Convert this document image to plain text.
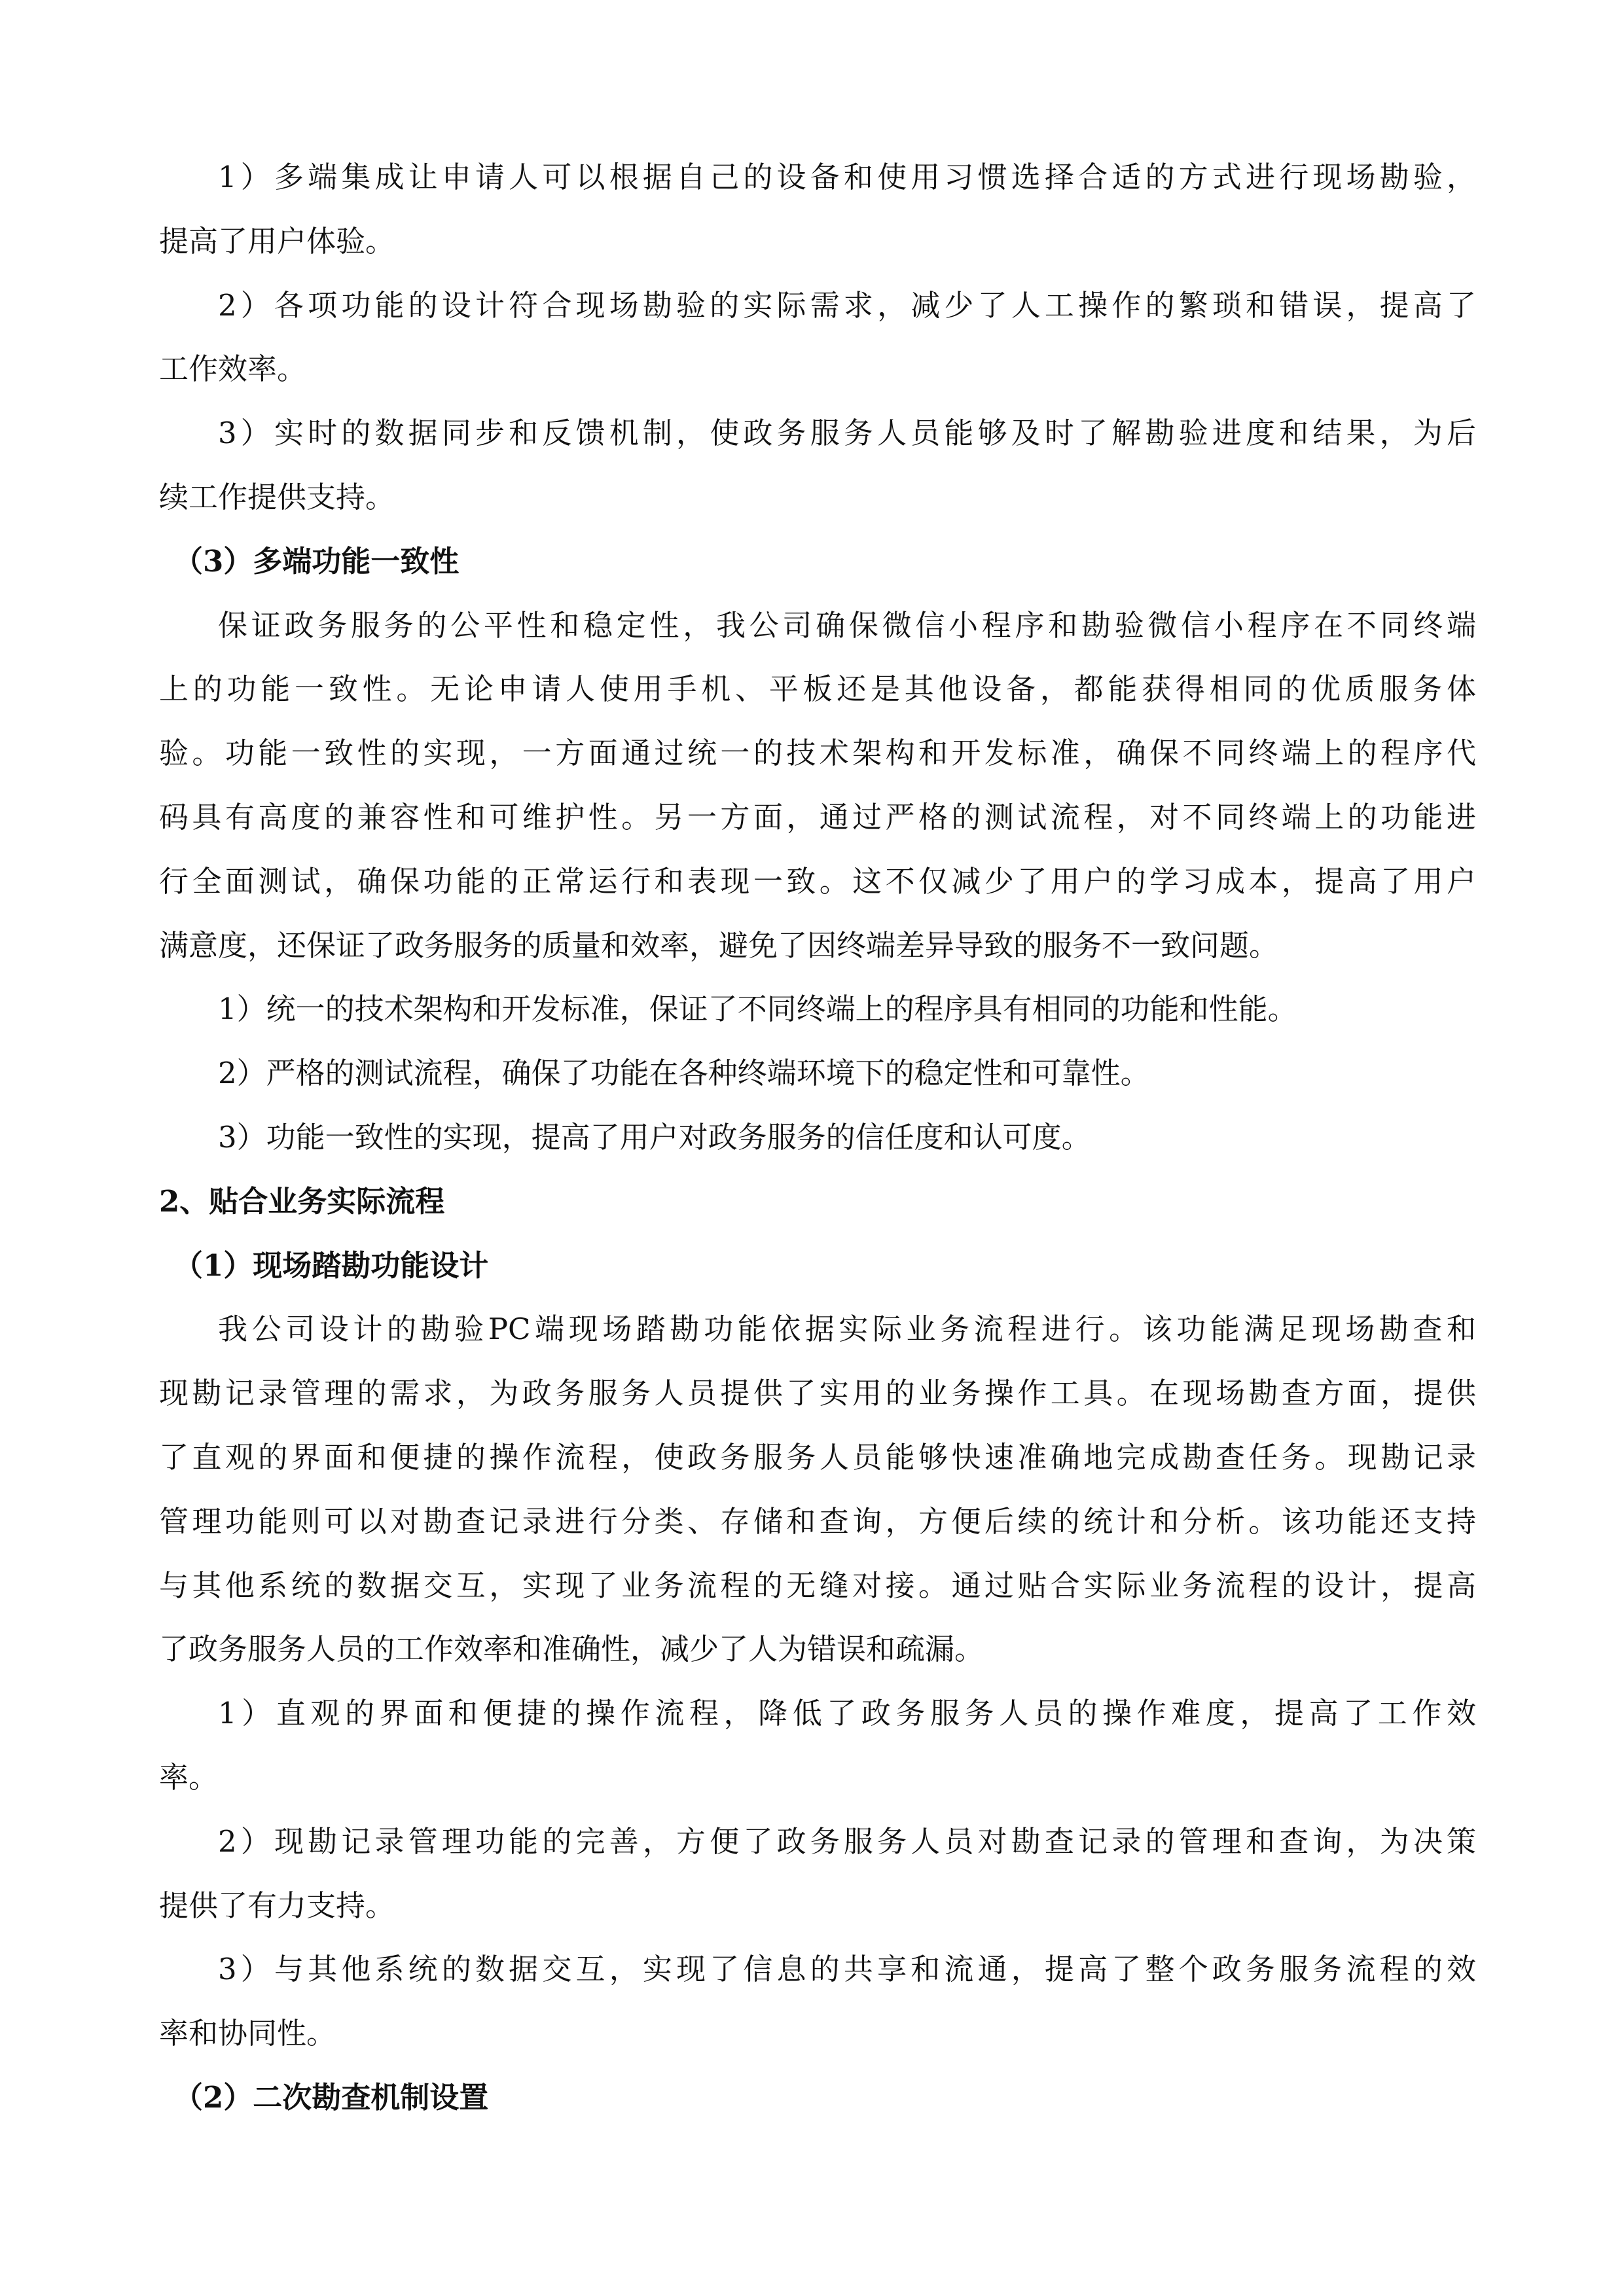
1）多端集成让申请人可以根据自己的设备和使用习惯选择合适的方式进行现场勘验，
提高了用户体验。
2）各项功能的设计符合现场勘验的实际需求，减少了人工操作的繁琐和错误，提高了
工作效率。
3）实时的数据同步和反馈机制，使政务服务人员能够及时了解勘验进度和结果，为后
续工作提供支持。
（3）多端功能一致性
保证政务服务的公平性和稳定性，我公司确保微信小程序和勘验微信小程序在不同终端
上的功能一致性。无论申请人使用手机、平板还是其他设备，都能获得相同的优质服务体
验。功能一致性的实现，一方面通过统一的技术架构和开发标准，确保不同终端上的程序代
码具有高度的兼容性和可维护性。另一方面，通过严格的测试流程，对不同终端上的功能进
行全面测试，确保功能的正常运行和表现一致。这不仅减少了用户的学习成本，提高了用户
满意度，还保证了政务服务的质量和效率，避免了因终端差异导致的服务不一致问题。
1）统一的技术架构和开发标准，保证了不同终端上的程序具有相同的功能和性能。
2）严格的测试流程，确保了功能在各种终端环境下的稳定性和可靠性。
3）功能一致性的实现，提高了用户对政务服务的信任度和认可度。
2、贴合业务实际流程
（1）现场踏勘功能设计
我公司设计的勘验PC端现场踏勘功能依据实际业务流程进行。该功能满足现场勘查和
现勘记录管理的需求，为政务服务人员提供了实用的业务操作工具。在现场勘查方面，提供
了直观的界面和便捷的操作流程，使政务服务人员能够快速准确地完成勘查任务。现勘记录
管理功能则可以对勘查记录进行分类、存储和查询，方便后续的统计和分析。该功能还支持
与其他系统的数据交互，实现了业务流程的无缝对接。通过贴合实际业务流程的设计，提高
了政务服务人员的工作效率和准确性，减少了人为错误和疏漏。
1）直观的界面和便捷的操作流程，降低了政务服务人员的操作难度，提高了工作效
率。
2）现勘记录管理功能的完善，方便了政务服务人员对勘查记录的管理和查询，为决策
提供了有力支持。
3）与其他系统的数据交互，实现了信息的共享和流通，提高了整个政务服务流程的效
率和协同性。
（2）二次勘查机制设置
